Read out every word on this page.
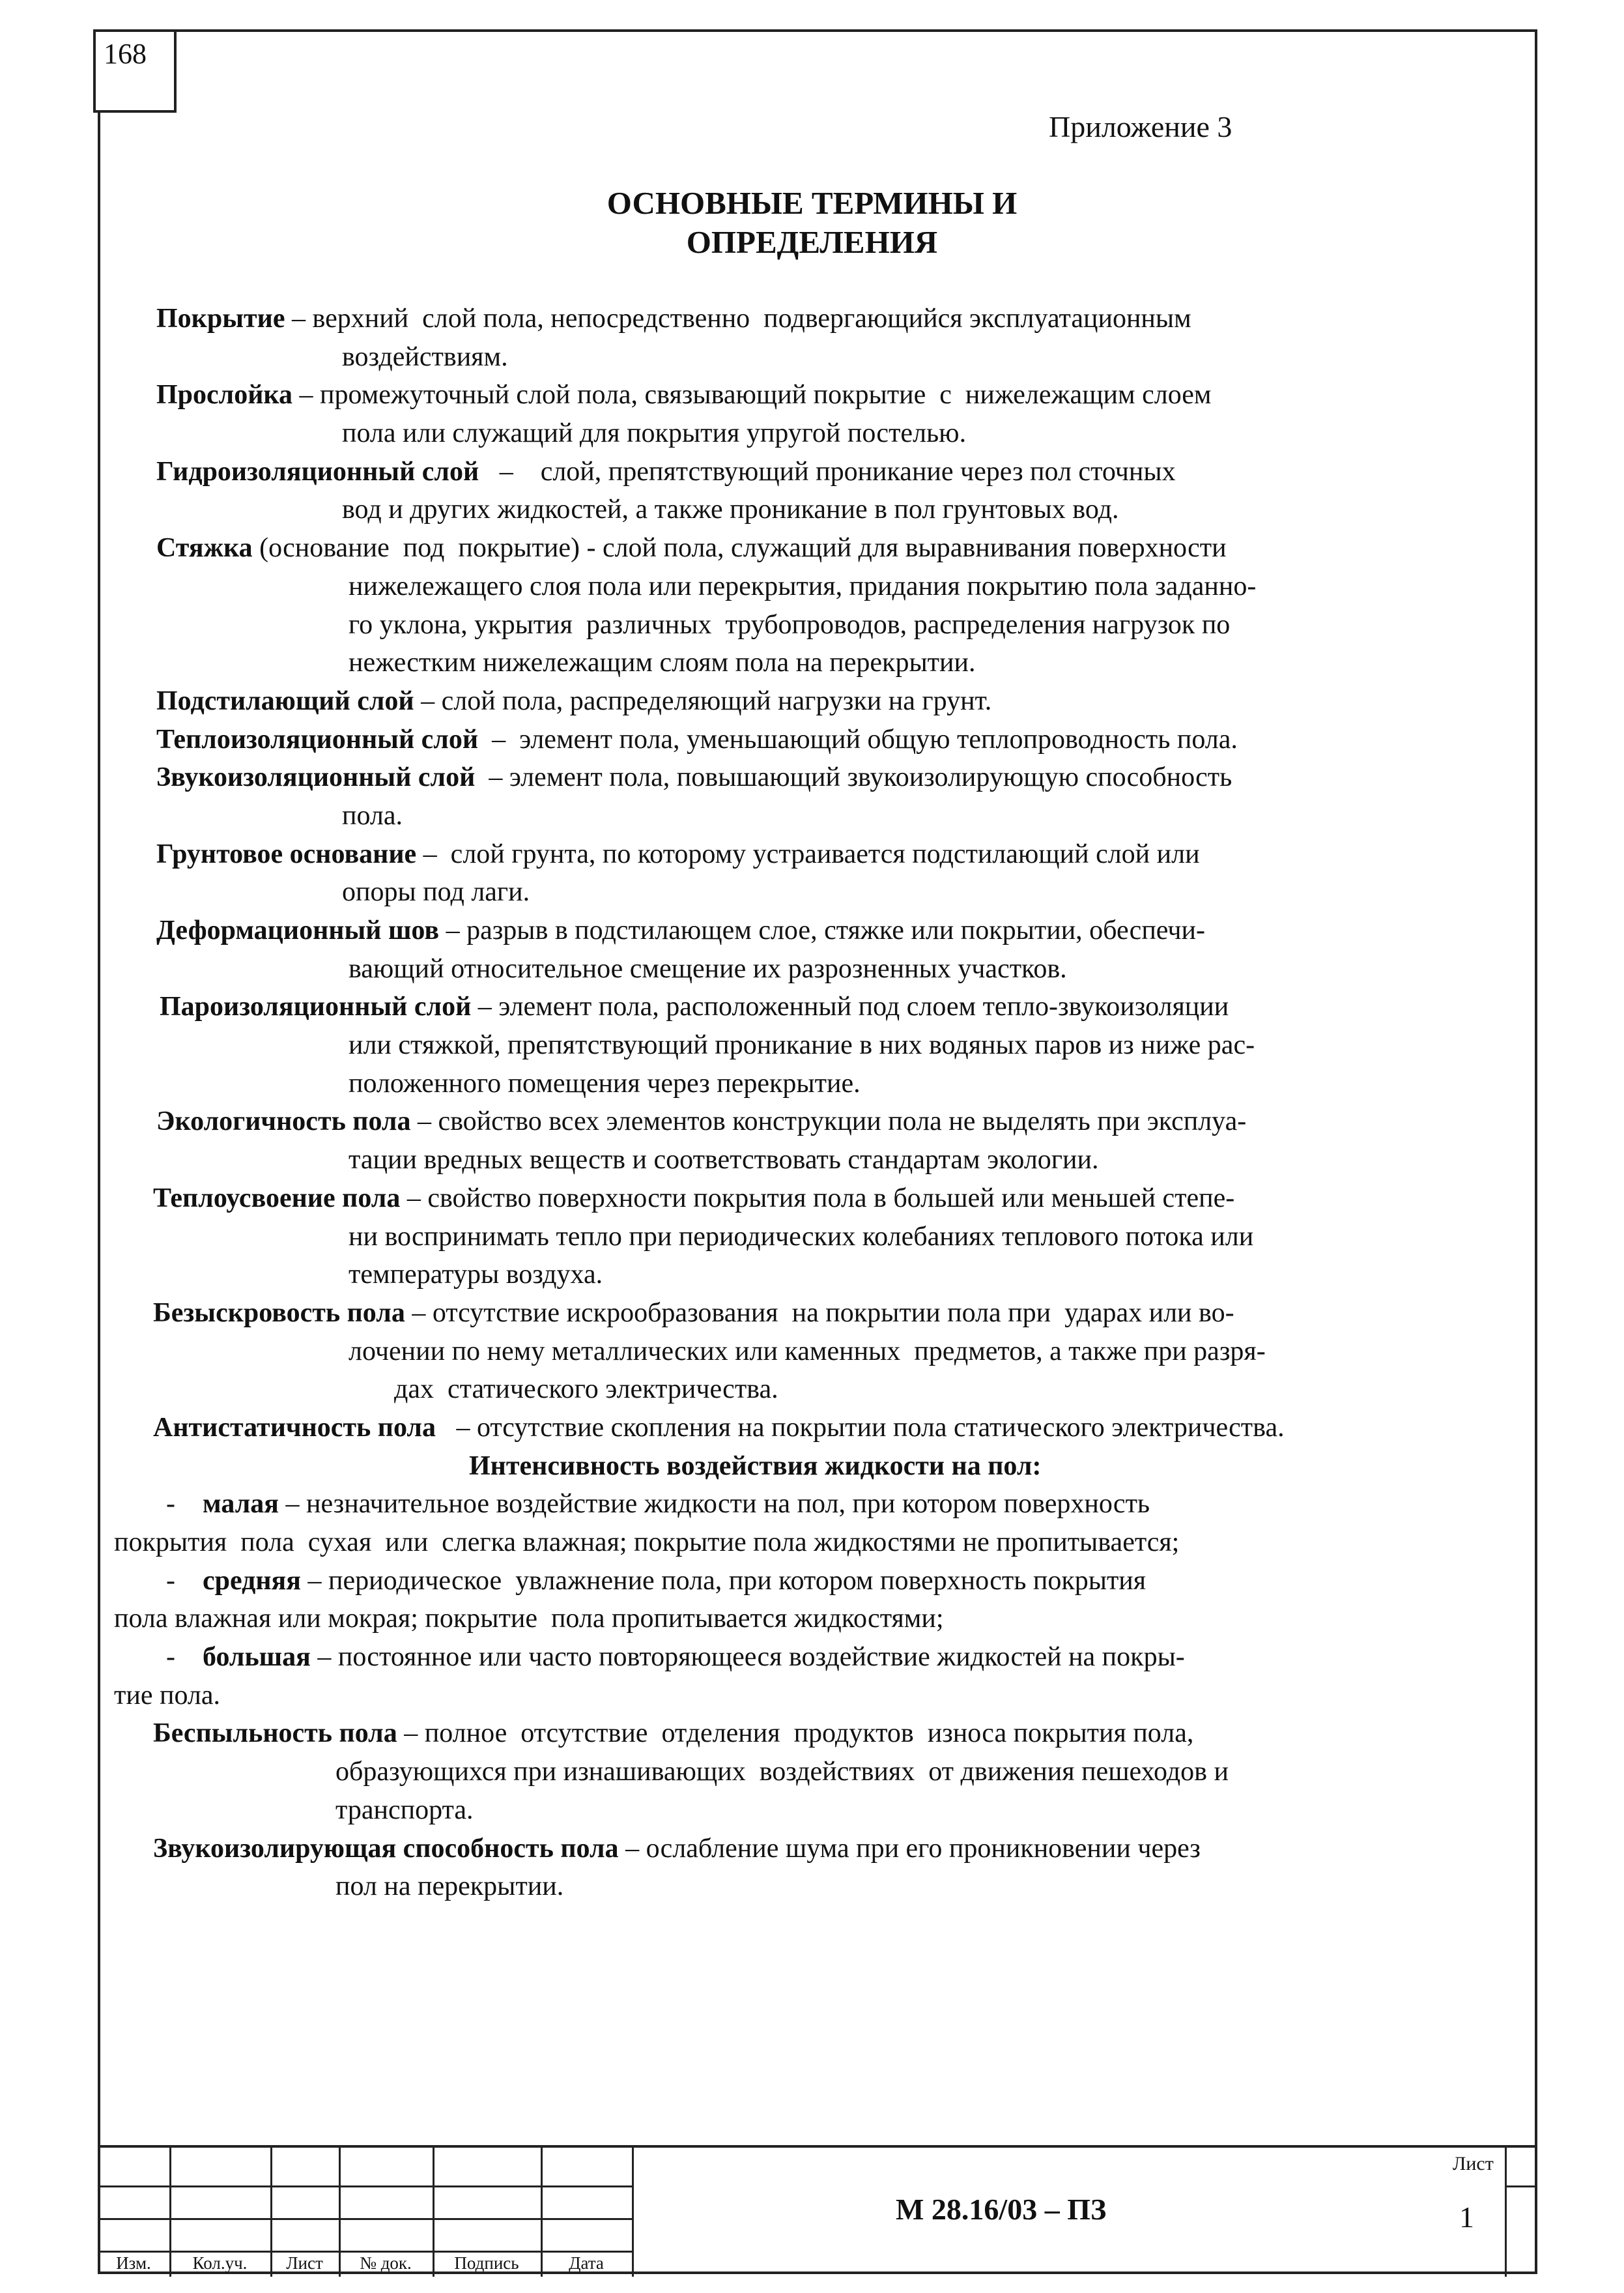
168
Приложение 3
ОСНОВНЫЕ ТЕРМИНЫ И
ОПРЕДЕЛЕНИЯ
Покрытие – верхний  слой пола, непосредственно  подвергающийся эксплуатационным
воздействиям.
Прослойка – промежуточный слой пола, связывающий покрытие  с  нижележащим слоем
пола или служащий для покрытия упругой постелью.
Гидроизоляционный слой   –    слой, препятствующий проникание через пол сточных
вод и других жидкостей, а также проникание в пол грунтовых вод.
Стяжка (основание  под  покрытие) - слой пола, служащий для выравнивания поверхности
нижележащего слоя пола или перекрытия, придания покрытию пола заданно-
го уклона, укрытия  различных  трубопроводов, распределения нагрузок по
нежестким нижележащим слоям пола на перекрытии.
Подстилающий слой – слой пола, распределяющий нагрузки на грунт.
Теплоизоляционный слой  –  элемент пола, уменьшающий общую теплопроводность пола.
Звукоизоляционный слой  – элемент пола, повышающий звукоизолирующую способность
пола.
Грунтовое основание –  слой грунта, по которому устраивается подстилающий слой или
опоры под лаги.
Деформационный шов – разрыв в подстилающем слое, стяжке или покрытии, обеспечи-
вающий относительное смещение их разрозненных участков.
Пароизоляционный слой – элемент пола, расположенный под слоем тепло-звукоизоляции
или стяжкой, препятствующий проникание в них водяных паров из ниже рас-
положенного помещения через перекрытие.
Экологичность пола – свойство всех элементов конструкции пола не выделять при эксплуа-
тации вредных веществ и соответствовать стандартам экологии.
Теплоусвоение пола – свойство поверхности покрытия пола в большей или меньшей степе-
ни воспринимать тепло при периодических колебаниях теплового потока или
температуры воздуха.
Безыскровость пола – отсутствие искрообразования  на покрытии пола при  ударах или во-
лочении по нему металлических или каменных  предметов, а также при разря-
дах  статического электричества.
Антистатичность пола   – отсутствие скопления на покрытии пола статического электричества.
Интенсивность воздействия жидкости на пол:
-    малая – незначительное воздействие жидкости на пол, при котором поверхность
покрытия  пола  сухая  или  слегка влажная; покрытие пола жидкостями не пропитывается;
-    средняя – периодическое  увлажнение пола, при котором поверхность покрытия
пола влажная или мокрая; покрытие  пола пропитывается жидкостями;
-    большая – постоянное или часто повторяющееся воздействие жидкостей на покры-
тие пола.
Беспыльность пола – полное  отсутствие  отделения  продуктов  износа покрытия пола,
образующихся при изнашивающих  воздействиях  от движения пешеходов и
транспорта.
Звукоизолирующая способность пола – ослабление шума при его проникновении через
пол на перекрытии.
Изм.	Кол.уч.	Лист	№ док.	Подпись	Дата
М 28.16/03 – ПЗ
Лист
1
